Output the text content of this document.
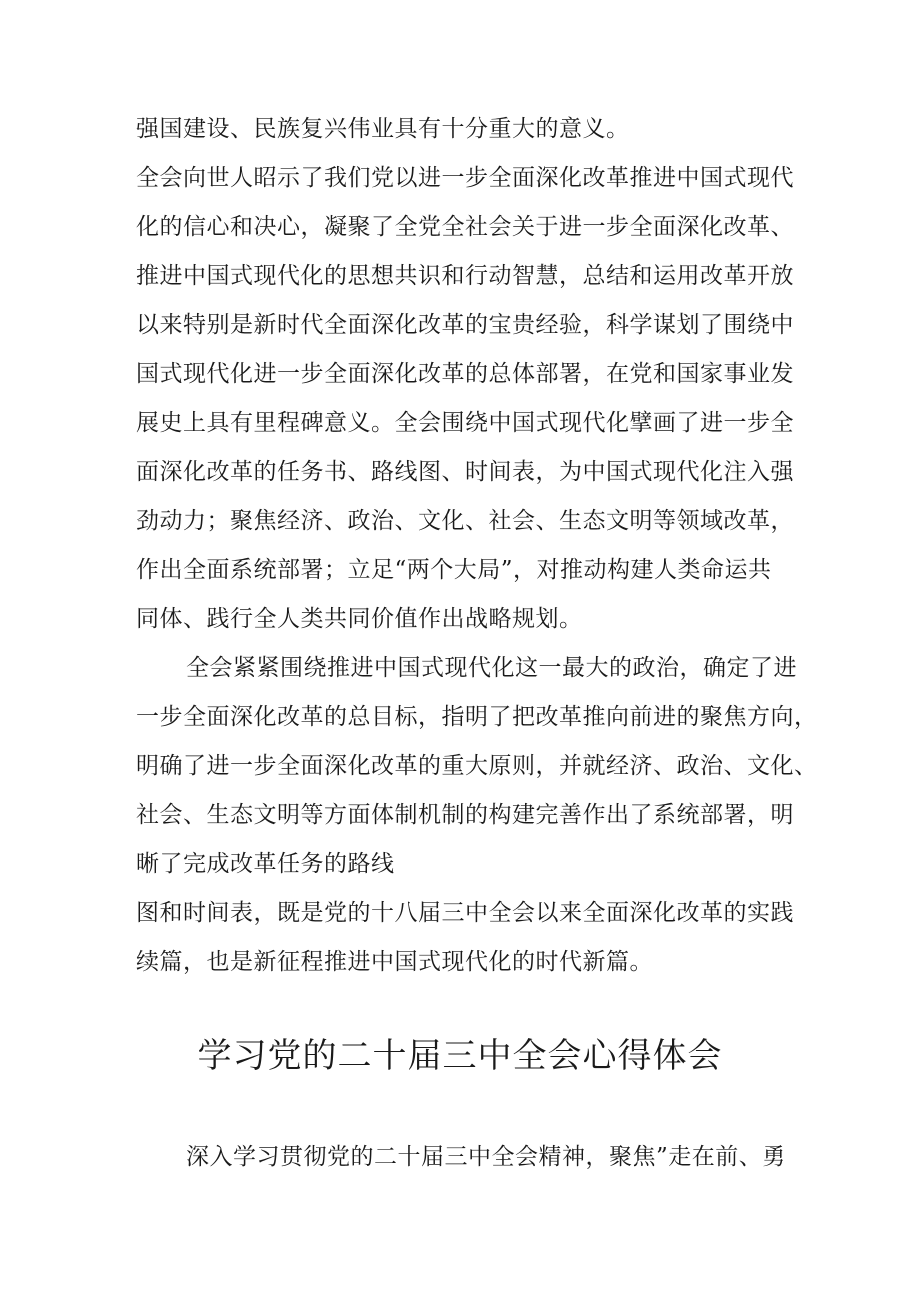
强国建设、民族复兴伟业具有十分重大的意义。
全会向世人昭示了我们党以进一步全面深化改革推进中国式现代
化的信心和决心，凝聚了全党全社会关于进一步全面深化改革、
推进中国式现代化的思想共识和行动智慧，总结和运用改革开放
以来特别是新时代全面深化改革的宝贵经验，科学谋划了围绕中
国式现代化进一步全面深化改革的总体部署，在党和国家事业发
展史上具有里程碑意义。全会围绕中国式现代化擘画了进一步全
面深化改革的任务书、路线图、时间表，为中国式现代化注入强
劲动力；聚焦经济、政治、文化、社会、生态文明等领域改革，
作出全面系统部署；立足“两个大局”，对推动构建人类命运共
同体、践行全人类共同价值作出战略规划。
全会紧紧围绕推进中国式现代化这一最大的政治，确定了进
一步全面深化改革的总目标，指明了把改革推向前进的聚焦方向，
明确了进一步全面深化改革的重大原则，并就经济、政治、文化、
社会、生态文明等方面体制机制的构建完善作出了系统部署，明
晰了完成改革任务的路线
图和时间表，既是党的十八届三中全会以来全面深化改革的实践
续篇，也是新征程推进中国式现代化的时代新篇。
学习党的二十届三中全会心得体会
深入学习贯彻党的二十届三中全会精神，聚焦”走在前、勇
